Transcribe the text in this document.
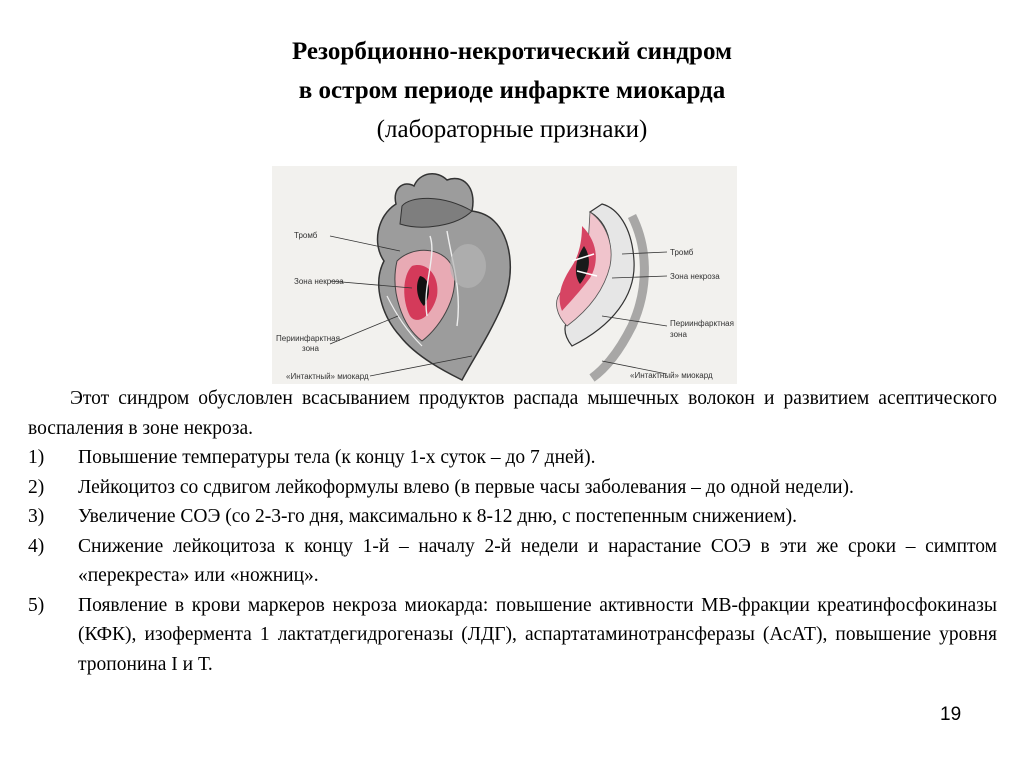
Резорбционно-некротический синдром
в остром периоде инфаркте миокарда
(лабораторные признаки)
Тромб
Зона некроза
Периинфарктная
зона
«Интактный» миокард
Тромб
Зона некроза
Периинфарктная
зона
«Интактный» миокард

Этот синдром обусловлен всасыванием продуктов распада мышечных волокон и развитием асептического воспаления в зоне некроза.

1) Повышение температуры тела (к концу 1-х суток – до 7 дней).
2) Лейкоцитоз со сдвигом лейкоформулы влево (в первые часы заболевания – до одной недели).
3) Увеличение СОЭ (со 2-3-го дня, максимально к 8-12 дню, с постепенным снижением).
4) Снижение лейкоцитоза к концу 1-й – началу 2-й недели и нарастание СОЭ в эти же сроки – симптом «перекреста» или «ножниц».
5) Появление в крови маркеров некроза миокарда: повышение активности МВ-фракции креатинфосфокиназы (КФК), изофермента 1 лактатдегидрогеназы (ЛДГ), аспартатаминотрансферазы (АсАТ), повышение уровня тропонина I и Т.
19
